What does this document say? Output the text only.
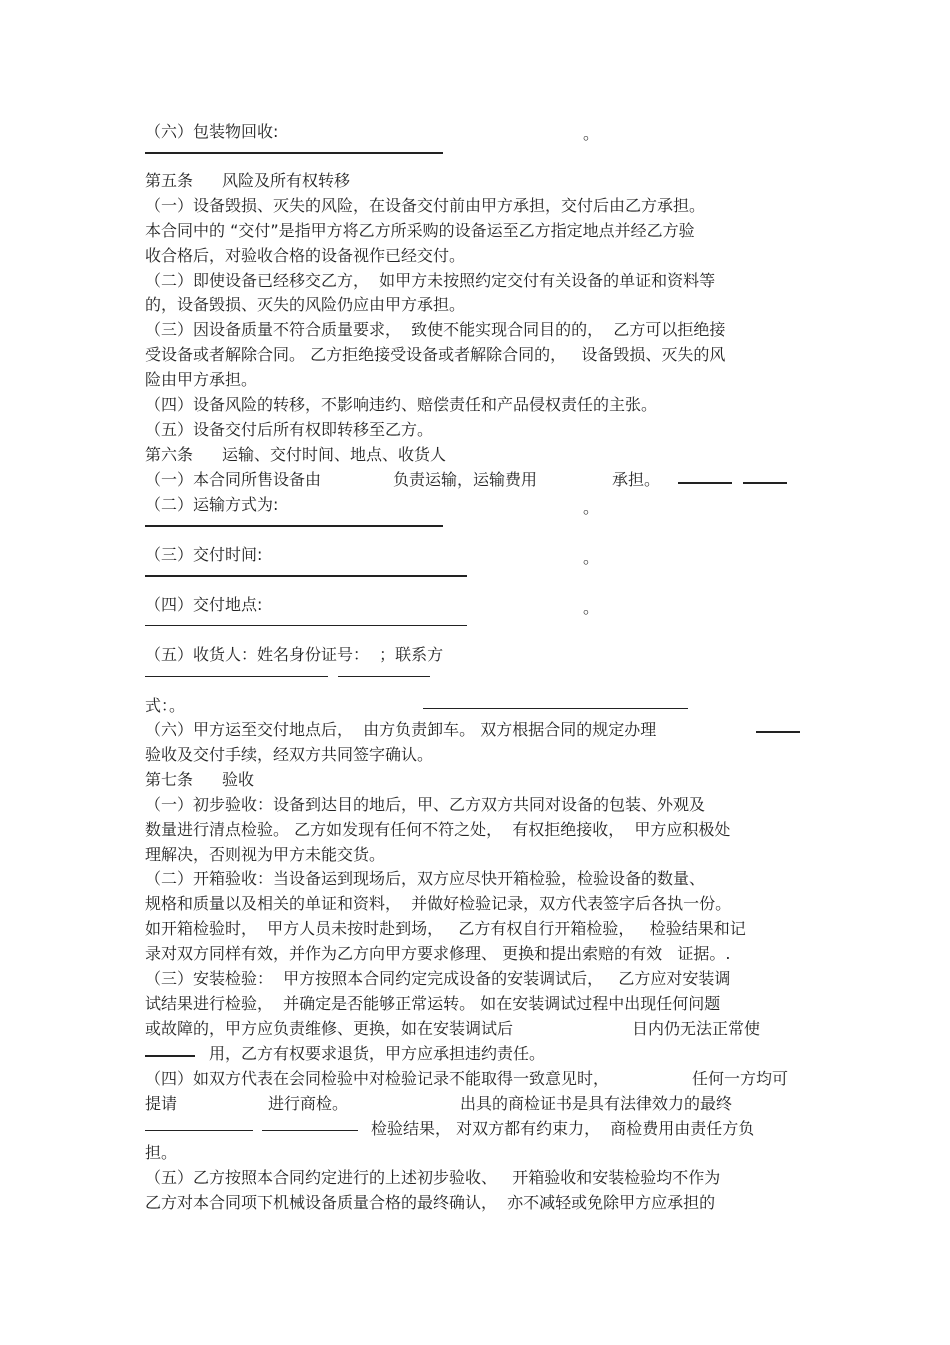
（六）包装物回收:	。
第五条 风险及所有权转移
（一）设备毁损、灭失的风险，在设备交付前由甲方承担，交付后由乙方承担。
本合同中的 “交付”是指甲方将乙方所采购的设备运至乙方指定地点并经乙方验
收合格后，对验收合格的设备视作已经交付。
（二）即使设备已经移交乙方，  如甲方未按照约定交付有关设备的单证和资料等
的，设备毁损、灭失的风险仍应由甲方承担。
（三）因设备质量不符合质量要求，  致使不能实现合同目的的，  乙方可以拒绝接
受设备或者解除合同。 乙方拒绝接受设备或者解除合同的，   设备毁损、灭失的风
险由甲方承担。
（四）设备风险的转移，不影响违约、赔偿责任和产品侵权责任的主张。
（五）设备交付后所有权即转移至乙方。
第六条 运输、交付时间、地点、收货人
（一）本合同所售设备由	负责运输，运输费用	承担。
（二）运输方式为:	。
（三）交付时间:	。
（四）交付地点:	。
（五）收货人：姓名身份证号：  ；联系方
式：。
（六）甲方运至交付地点后，  由方负责卸车。 双方根据合同的规定办理
验收及交付手续，经双方共同签字确认。
第七条 验收
（一）初步验收：设备到达目的地后，甲、乙方双方共同对设备的包装、外观及
数量进行清点检验。 乙方如发现有任何不符之处，  有权拒绝接收，  甲方应积极处
理解决，否则视为甲方未能交货。
（二）开箱验收：当设备运到现场后，双方应尽快开箱检验，检验设备的数量、
规格和质量以及相关的单证和资料，  并做好检验记录，双方代表签字后各执一份。
如开箱检验时，  甲方人员未按时赴到场，   乙方有权自行开箱检验，   检验结果和记
录对双方同样有效，并作为乙方向甲方要求修理、 更换和提出索赔的有效   证据。.
（三）安装检验：  甲方按照本合同约定完成设备的安装调试后，   乙方应对安装调
试结果进行检验，  并确定是否能够正常运转。 如在安装调试过程中出现任何问题
或故障的，甲方应负责维修、更换，如在安装调试后	日内仍无法正常使
用，乙方有权要求退货，甲方应承担违约责任。
（四）如双方代表在会同检验中对检验记录不能取得一致意见时，	任何一方均可
提请	进行商检。	出具的商检证书是具有法律效力的最终
检验结果， 对双方都有约束力，  商检费用由责任方负
担。
（五）乙方按照本合同约定进行的上述初步验收、   开箱验收和安装检验均不作为
乙方对本合同项下机械设备质量合格的最终确认，  亦不减轻或免除甲方应承担的
